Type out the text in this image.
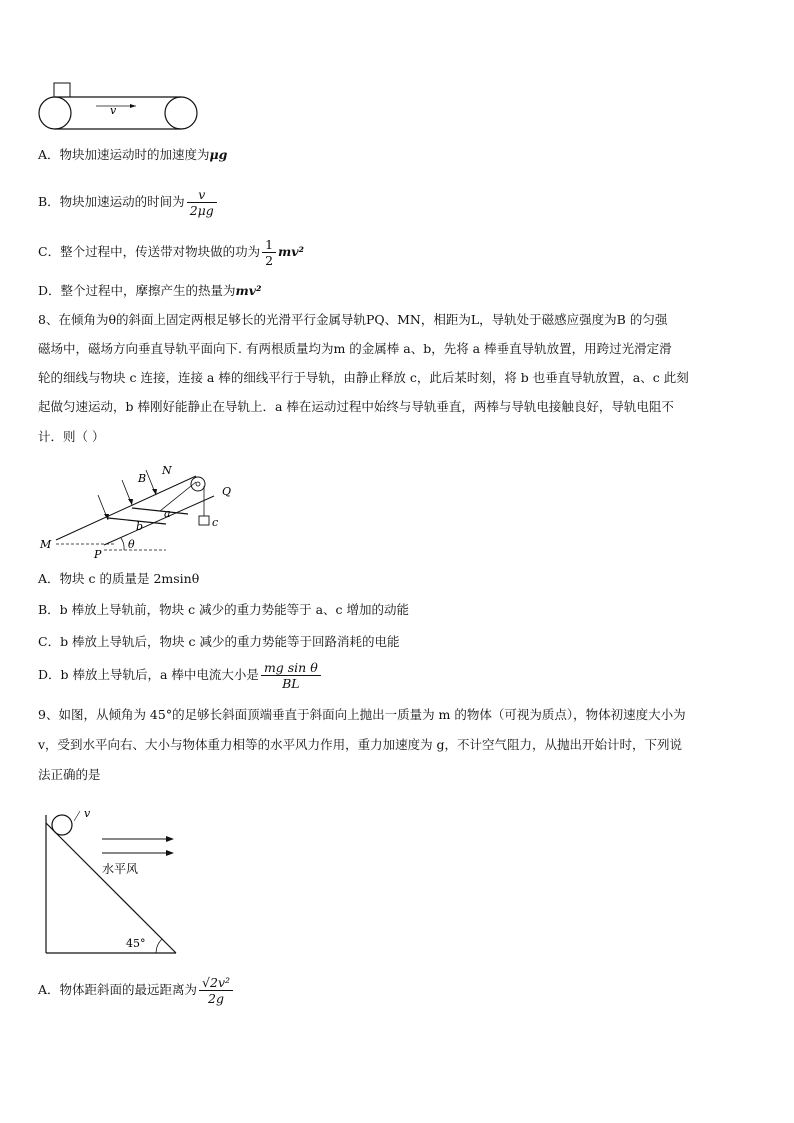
v
A．物块加速运动时的加速度为μg
B．物块加速运动的时间为 $\frac{v}{2\mu g}$
C．整个过程中，传送带对物块做的功为 $\frac{1}{2} mv^2$
D．整个过程中，摩擦产生的热量为mv²
8、在倾角为θ的斜面上固定两根足够长的光滑平行金属导轨PQ、MN，相距为L，导轨处于磁感应强度为B 的匀强
磁场中，磁场方向垂直导轨平面向下. 有两根质量均为m 的金属棒 a、b，先将 a 棒垂直导轨放置，用跨过光滑定滑
轮的细线与物块 c 连接，连接 a 棒的细线平行于导轨，由静止释放 c，此后某时刻，将 b 也垂直导轨放置，a、c 此刻
起做匀速运动，b 棒刚好能静止在导轨上．a 棒在运动过程中始终与导轨垂直，两棒与导轨电接触良好，导轨电阻不
计．则（ ）
B
N
Q
a
b	c
M
P
θ
A．物块 c 的质量是 2msinθ
B．b 棒放上导轨前，物块 c 减少的重力势能等于 a、c 增加的动能
C．b 棒放上导轨后，物块 c 减少的重力势能等于回路消耗的电能
D．b 棒放上导轨后，a 棒中电流大小是 $\frac{\text{mg sin θ}}{BL}$
9、如图，从倾角为 45°的足够长斜面顶端垂直于斜面向上抛出一质量为 m 的物体（可视为质点），物体初速度大小为
v，受到水平向右、大小与物体重力相等的水平风力作用，重力加速度为 g，不计空气阻力，从抛出开始计时，下列说
法正确的是
v
水平风
45°
A．物体距斜面的最远距离为 $\frac{\text{√2v²}}{2g}$
